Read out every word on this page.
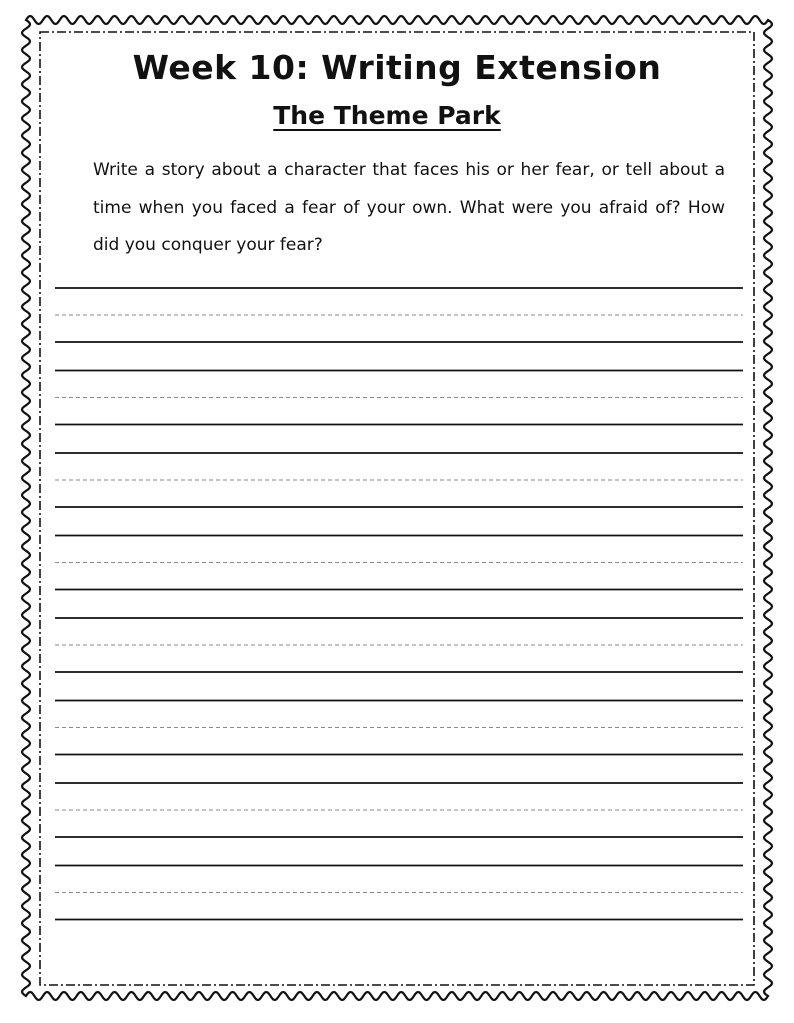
Week 10: Writing Extension
The Theme Park

Write a story about a character that faces his or her fear, or tell about a time when you faced a fear of your own. What were you afraid of? How did you conquer your fear?
